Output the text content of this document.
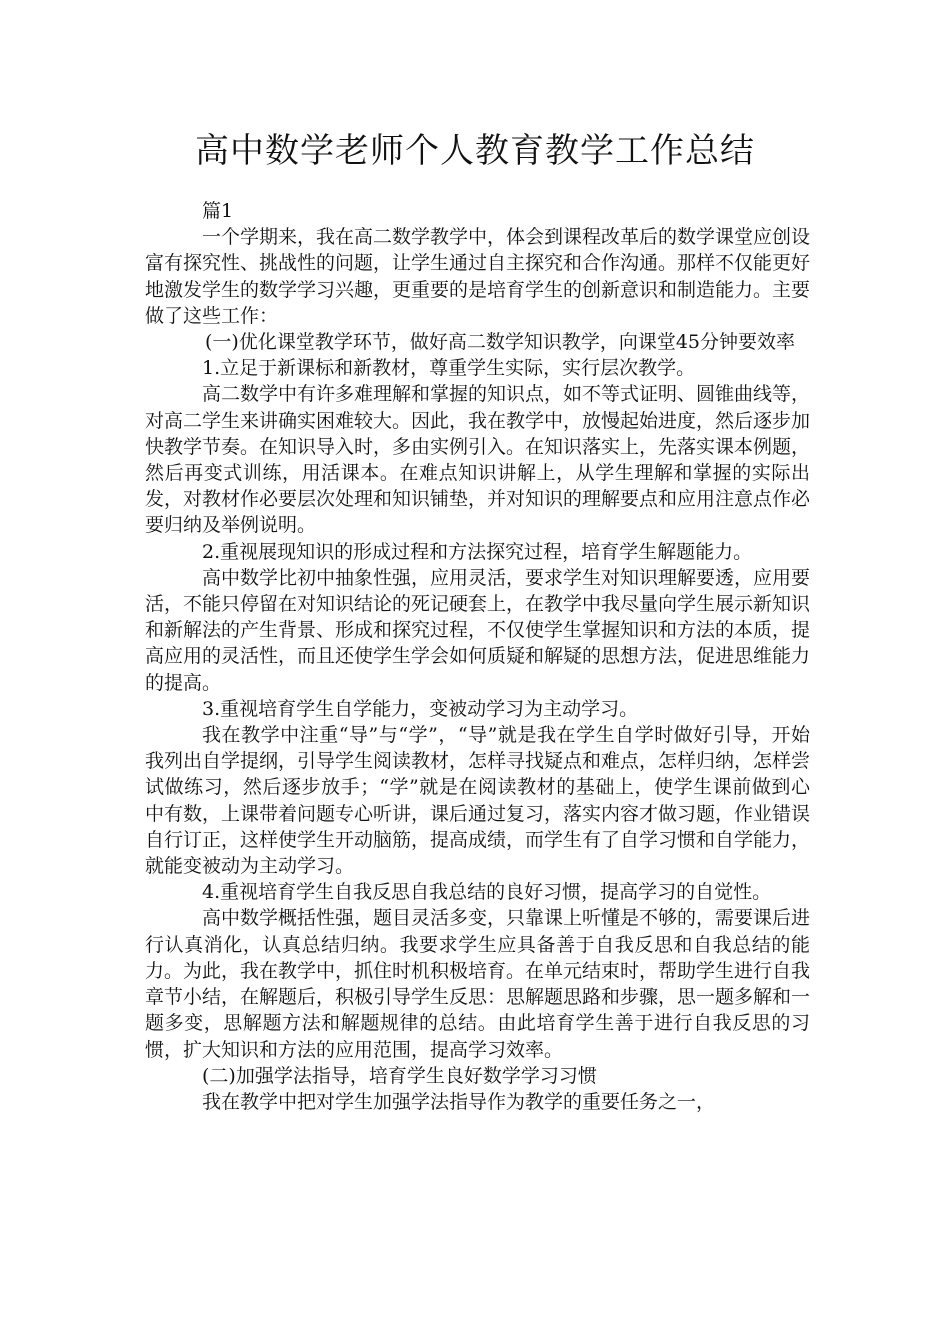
高中数学老师个人教育教学工作总结

篇1

一个学期来，我在高二数学教学中，体会到课程改革后的数学课堂应创设富有探究性、挑战性的问题，让学生通过自主探究和合作沟通。那样不仅能更好地激发学生的数学学习兴趣，更重要的是培育学生的创新意识和制造能力。主要做了这些工作：

(一)优化课堂教学环节，做好高二数学知识教学，向课堂45分钟要效率

1.立足于新课标和新教材，尊重学生实际，实行层次教学。

高二数学中有许多难理解和掌握的知识点，如不等式证明、圆锥曲线等，对高二学生来讲确实困难较大。因此，我在教学中，放慢起始进度，然后逐步加快教学节奏。在知识导入时，多由实例引入。在知识落实上，先落实课本例题，然后再变式训练，用活课本。在难点知识讲解上，从学生理解和掌握的实际出发，对教材作必要层次处理和知识铺垫，并对知识的理解要点和应用注意点作必要归纳及举例说明。

2.重视展现知识的形成过程和方法探究过程，培育学生解题能力。

高中数学比初中抽象性强，应用灵活，要求学生对知识理解要透，应用要活，不能只停留在对知识结论的死记硬套上，在教学中我尽量向学生展示新知识和新解法的产生背景、形成和探究过程，不仅使学生掌握知识和方法的本质，提高应用的灵活性，而且还使学生学会如何质疑和解疑的思想方法，促进思维能力的提高。

3.重视培育学生自学能力，变被动学习为主动学习。

我在教学中注重“导”与“学”，“导”就是我在学生自学时做好引导，开始我列出自学提纲，引导学生阅读教材，怎样寻找疑点和难点，怎样归纳，怎样尝试做练习，然后逐步放手；“学”就是在阅读教材的基础上，使学生课前做到心中有数，上课带着问题专心听讲，课后通过复习，落实内容才做习题，作业错误自行订正，这样使学生开动脑筋，提高成绩，而学生有了自学习惯和自学能力，就能变被动为主动学习。

4.重视培育学生自我反思自我总结的良好习惯，提高学习的自觉性。

高中数学概括性强，题目灵活多变，只靠课上听懂是不够的，需要课后进行认真消化，认真总结归纳。我要求学生应具备善于自我反思和自我总结的能力。为此，我在教学中，抓住时机积极培育。在单元结束时，帮助学生进行自我章节小结，在解题后，积极引导学生反思：思解题思路和步骤，思一题多解和一题多变，思解题方法和解题规律的总结。由此培育学生善于进行自我反思的习惯，扩大知识和方法的应用范围，提高学习效率。

(二)加强学法指导，培育学生良好数学学习习惯

我在教学中把对学生加强学法指导作为教学的重要任务之一，
